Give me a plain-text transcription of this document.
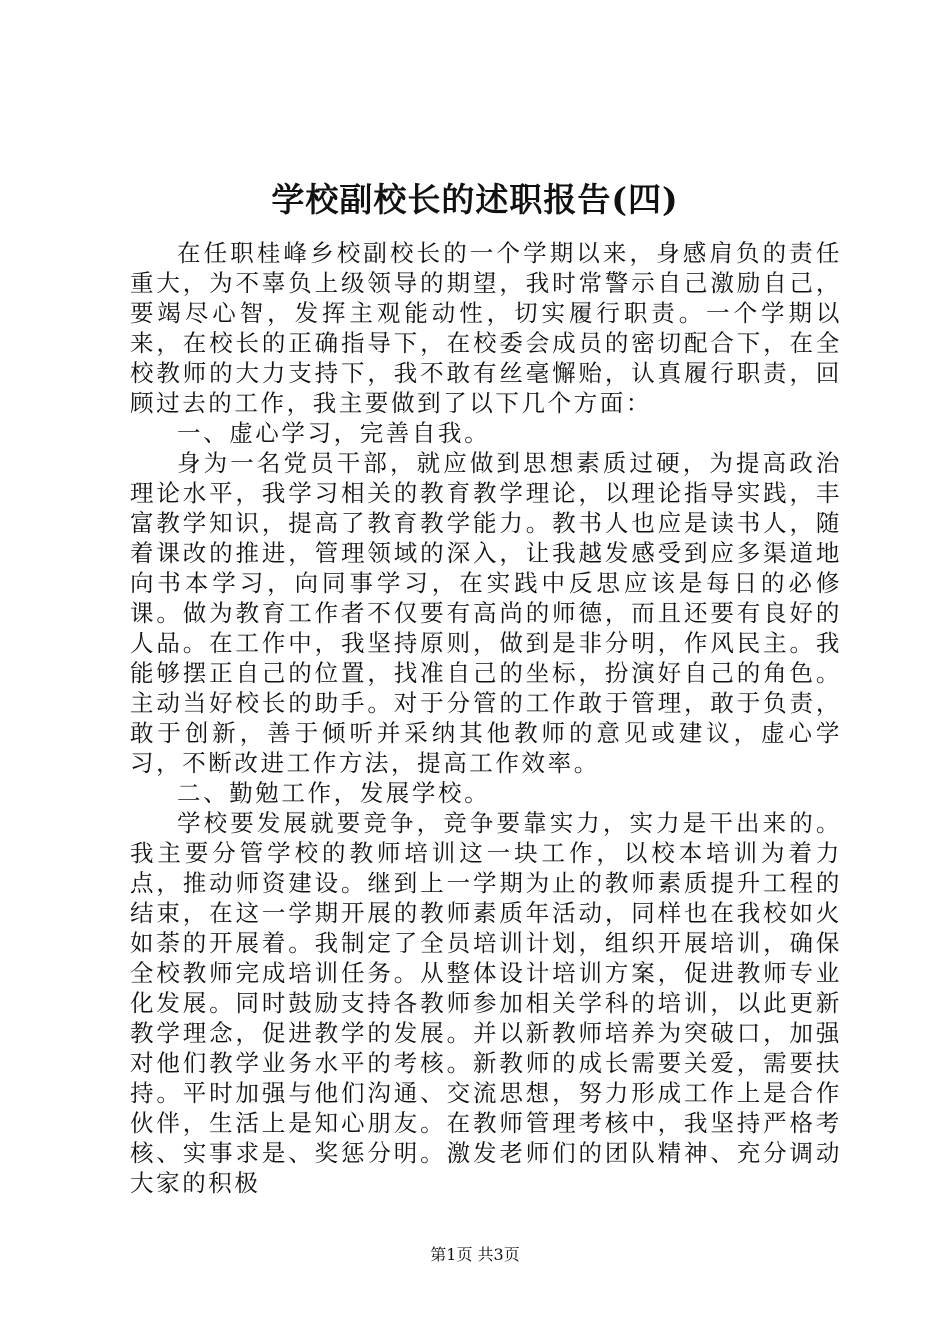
学校副校长的述职报告(四)

在任职桂峰乡校副校长的一个学期以来，身感肩负的责任重大，为不辜负上级领导的期望，我时常警示自己激励自己，要竭尽心智，发挥主观能动性，切实履行职责。一个学期以来，在校长的正确指导下，在校委会成员的密切配合下，在全校教师的大力支持下，我不敢有丝毫懈贻，认真履行职责，回顾过去的工作，我主要做到了以下几个方面：

一、虚心学习，完善自我。

身为一名党员干部，就应做到思想素质过硬，为提高政治理论水平，我学习相关的教育教学理论，以理论指导实践，丰富教学知识，提高了教育教学能力。教书人也应是读书人，随着课改的推进，管理领域的深入，让我越发感受到应多渠道地向书本学习，向同事学习，在实践中反思应该是每日的必修课。做为教育工作者不仅要有高尚的师德，而且还要有良好的人品。在工作中，我坚持原则，做到是非分明，作风民主。我能够摆正自己的位置，找准自己的坐标，扮演好自己的角色。主动当好校长的助手。对于分管的工作敢于管理，敢于负责，敢于创新，善于倾听并采纳其他教师的意见或建议，虚心学习，不断改进工作方法，提高工作效率。

二、勤勉工作，发展学校。

学校要发展就要竞争，竞争要靠实力，实力是干出来的。我主要分管学校的教师培训这一块工作，以校本培训为着力点，推动师资建设。继到上一学期为止的教师素质提升工程的结束，在这一学期开展的教师素质年活动，同样也在我校如火如荼的开展着。我制定了全员培训计划，组织开展培训，确保全校教师完成培训任务。从整体设计培训方案，促进教师专业化发展。同时鼓励支持各教师参加相关学科的培训，以此更新教学理念，促进教学的发展。并以新教师培养为突破口，加强对他们教学业务水平的考核。新教师的成长需要关爱，需要扶持。平时加强与他们沟通、交流思想，努力形成工作上是合作伙伴，生活上是知心朋友。在教师管理考核中，我坚持严格考核、实事求是、奖惩分明。激发老师们的团队精神、充分调动大家的积极

第1页 共3页
